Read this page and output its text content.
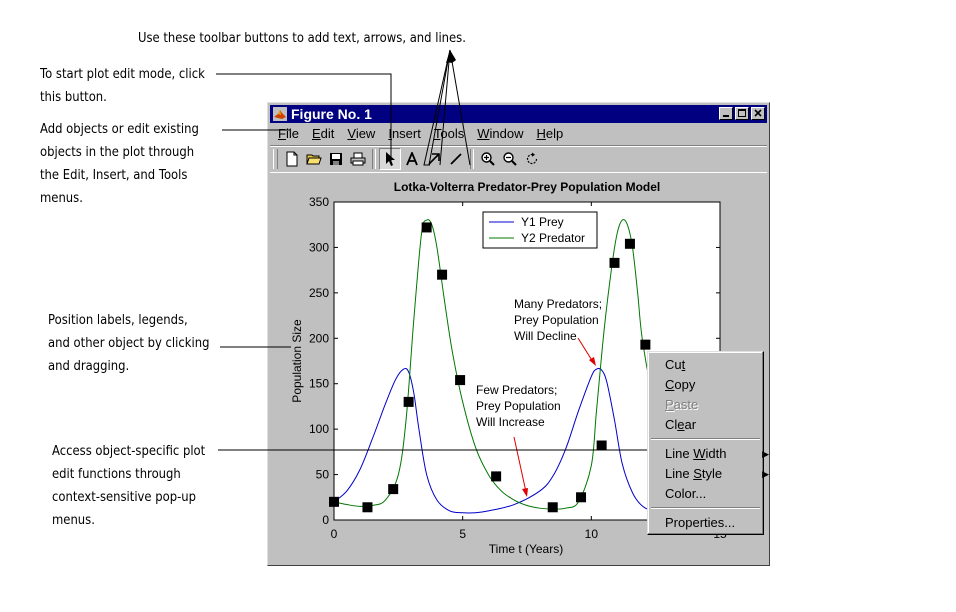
Use these toolbar buttons to add text, arrows, and lines.
To start plot edit mode, click
this button.
Add objects or edit existing
objects in the plot through
the Edit, Insert, and Tools
menus.
Position labels, legends,
and other object by clicking
and dragging.
Access object-specific plot
edit functions through
context-sensitive pop-up
menus.
Figure No. 1
File Edit View Insert Tools Window Help
0
50
100
150
200
250
300
350
0	5	10
Lotka-Volterra Predator-Prey Population Model
Time t (Years)
Population Size
Y1 Prey
Y2 Predator
Many Predators;
Prey Population
Will Decline
Few Predators;
Prey Population
Will Increase
Cut
Copy
Paste
Clear
Line Width	▶
Line Style	▶
Color...
Properties...
